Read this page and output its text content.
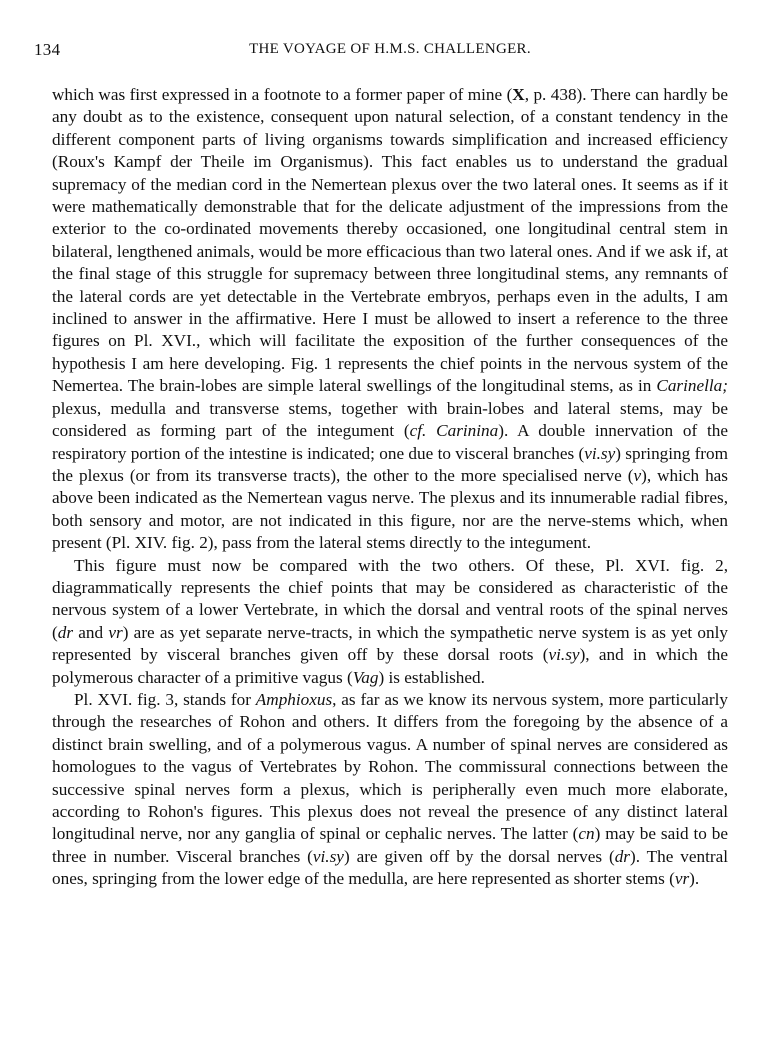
134	THE VOYAGE OF H.M.S. CHALLENGER.

which was first expressed in a footnote to a former paper of mine (X, p. 438). There can hardly be any doubt as to the existence, consequent upon natural selection, of a constant tendency in the different component parts of living organisms towards simplification and increased efficiency (Roux's Kampf der Theile im Organismus). This fact enables us to understand the gradual supremacy of the median cord in the Nemertean plexus over the two lateral ones. It seems as if it were mathematically demonstrable that for the delicate adjustment of the impressions from the exterior to the co-ordinated movements thereby occasioned, one longitudinal central stem in bilateral, lengthened animals, would be more efficacious than two lateral ones. And if we ask if, at the final stage of this struggle for supremacy between three longitudinal stems, any remnants of the lateral cords are yet detectable in the Vertebrate embryos, perhaps even in the adults, I am inclined to answer in the affirmative. Here I must be allowed to insert a reference to the three figures on Pl. XVI., which will facilitate the exposition of the further consequences of the hypothesis I am here developing. Fig. 1 represents the chief points in the nervous system of the Nemertea. The brain-lobes are simple lateral swellings of the longitudinal stems, as in Carinella; plexus, medulla and transverse stems, together with brain-lobes and lateral stems, may be considered as forming part of the integument (cf. Carinina). A double innervation of the respiratory portion of the intestine is indicated; one due to visceral branches (vi.sy) springing from the plexus (or from its transverse tracts), the other to the more specialised nerve (v), which has above been indicated as the Nemertean vagus nerve. The plexus and its innumerable radial fibres, both sensory and motor, are not indicated in this figure, nor are the nerve-stems which, when present (Pl. XIV. fig. 2), pass from the lateral stems directly to the integument.

This figure must now be compared with the two others. Of these, Pl. XVI. fig. 2, diagrammatically represents the chief points that may be considered as characteristic of the nervous system of a lower Vertebrate, in which the dorsal and ventral roots of the spinal nerves (dr and vr) are as yet separate nerve-tracts, in which the sympathetic nerve system is as yet only represented by visceral branches given off by these dorsal roots (vi.sy), and in which the polymerous character of a primitive vagus (Vag) is established.

Pl. XVI. fig. 3, stands for Amphioxus, as far as we know its nervous system, more particularly through the researches of Rohon and others. It differs from the foregoing by the absence of a distinct brain swelling, and of a polymerous vagus. A number of spinal nerves are considered as homologues to the vagus of Vertebrates by Rohon. The commissural connections between the successive spinal nerves form a plexus, which is peripherally even much more elaborate, according to Rohon's figures. This plexus does not reveal the presence of any distinct lateral longitudinal nerve, nor any ganglia of spinal or cephalic nerves. The latter (cn) may be said to be three in number. Visceral branches (vi.sy) are given off by the dorsal nerves (dr). The ventral ones, springing from the lower edge of the medulla, are here represented as shorter stems (vr).
